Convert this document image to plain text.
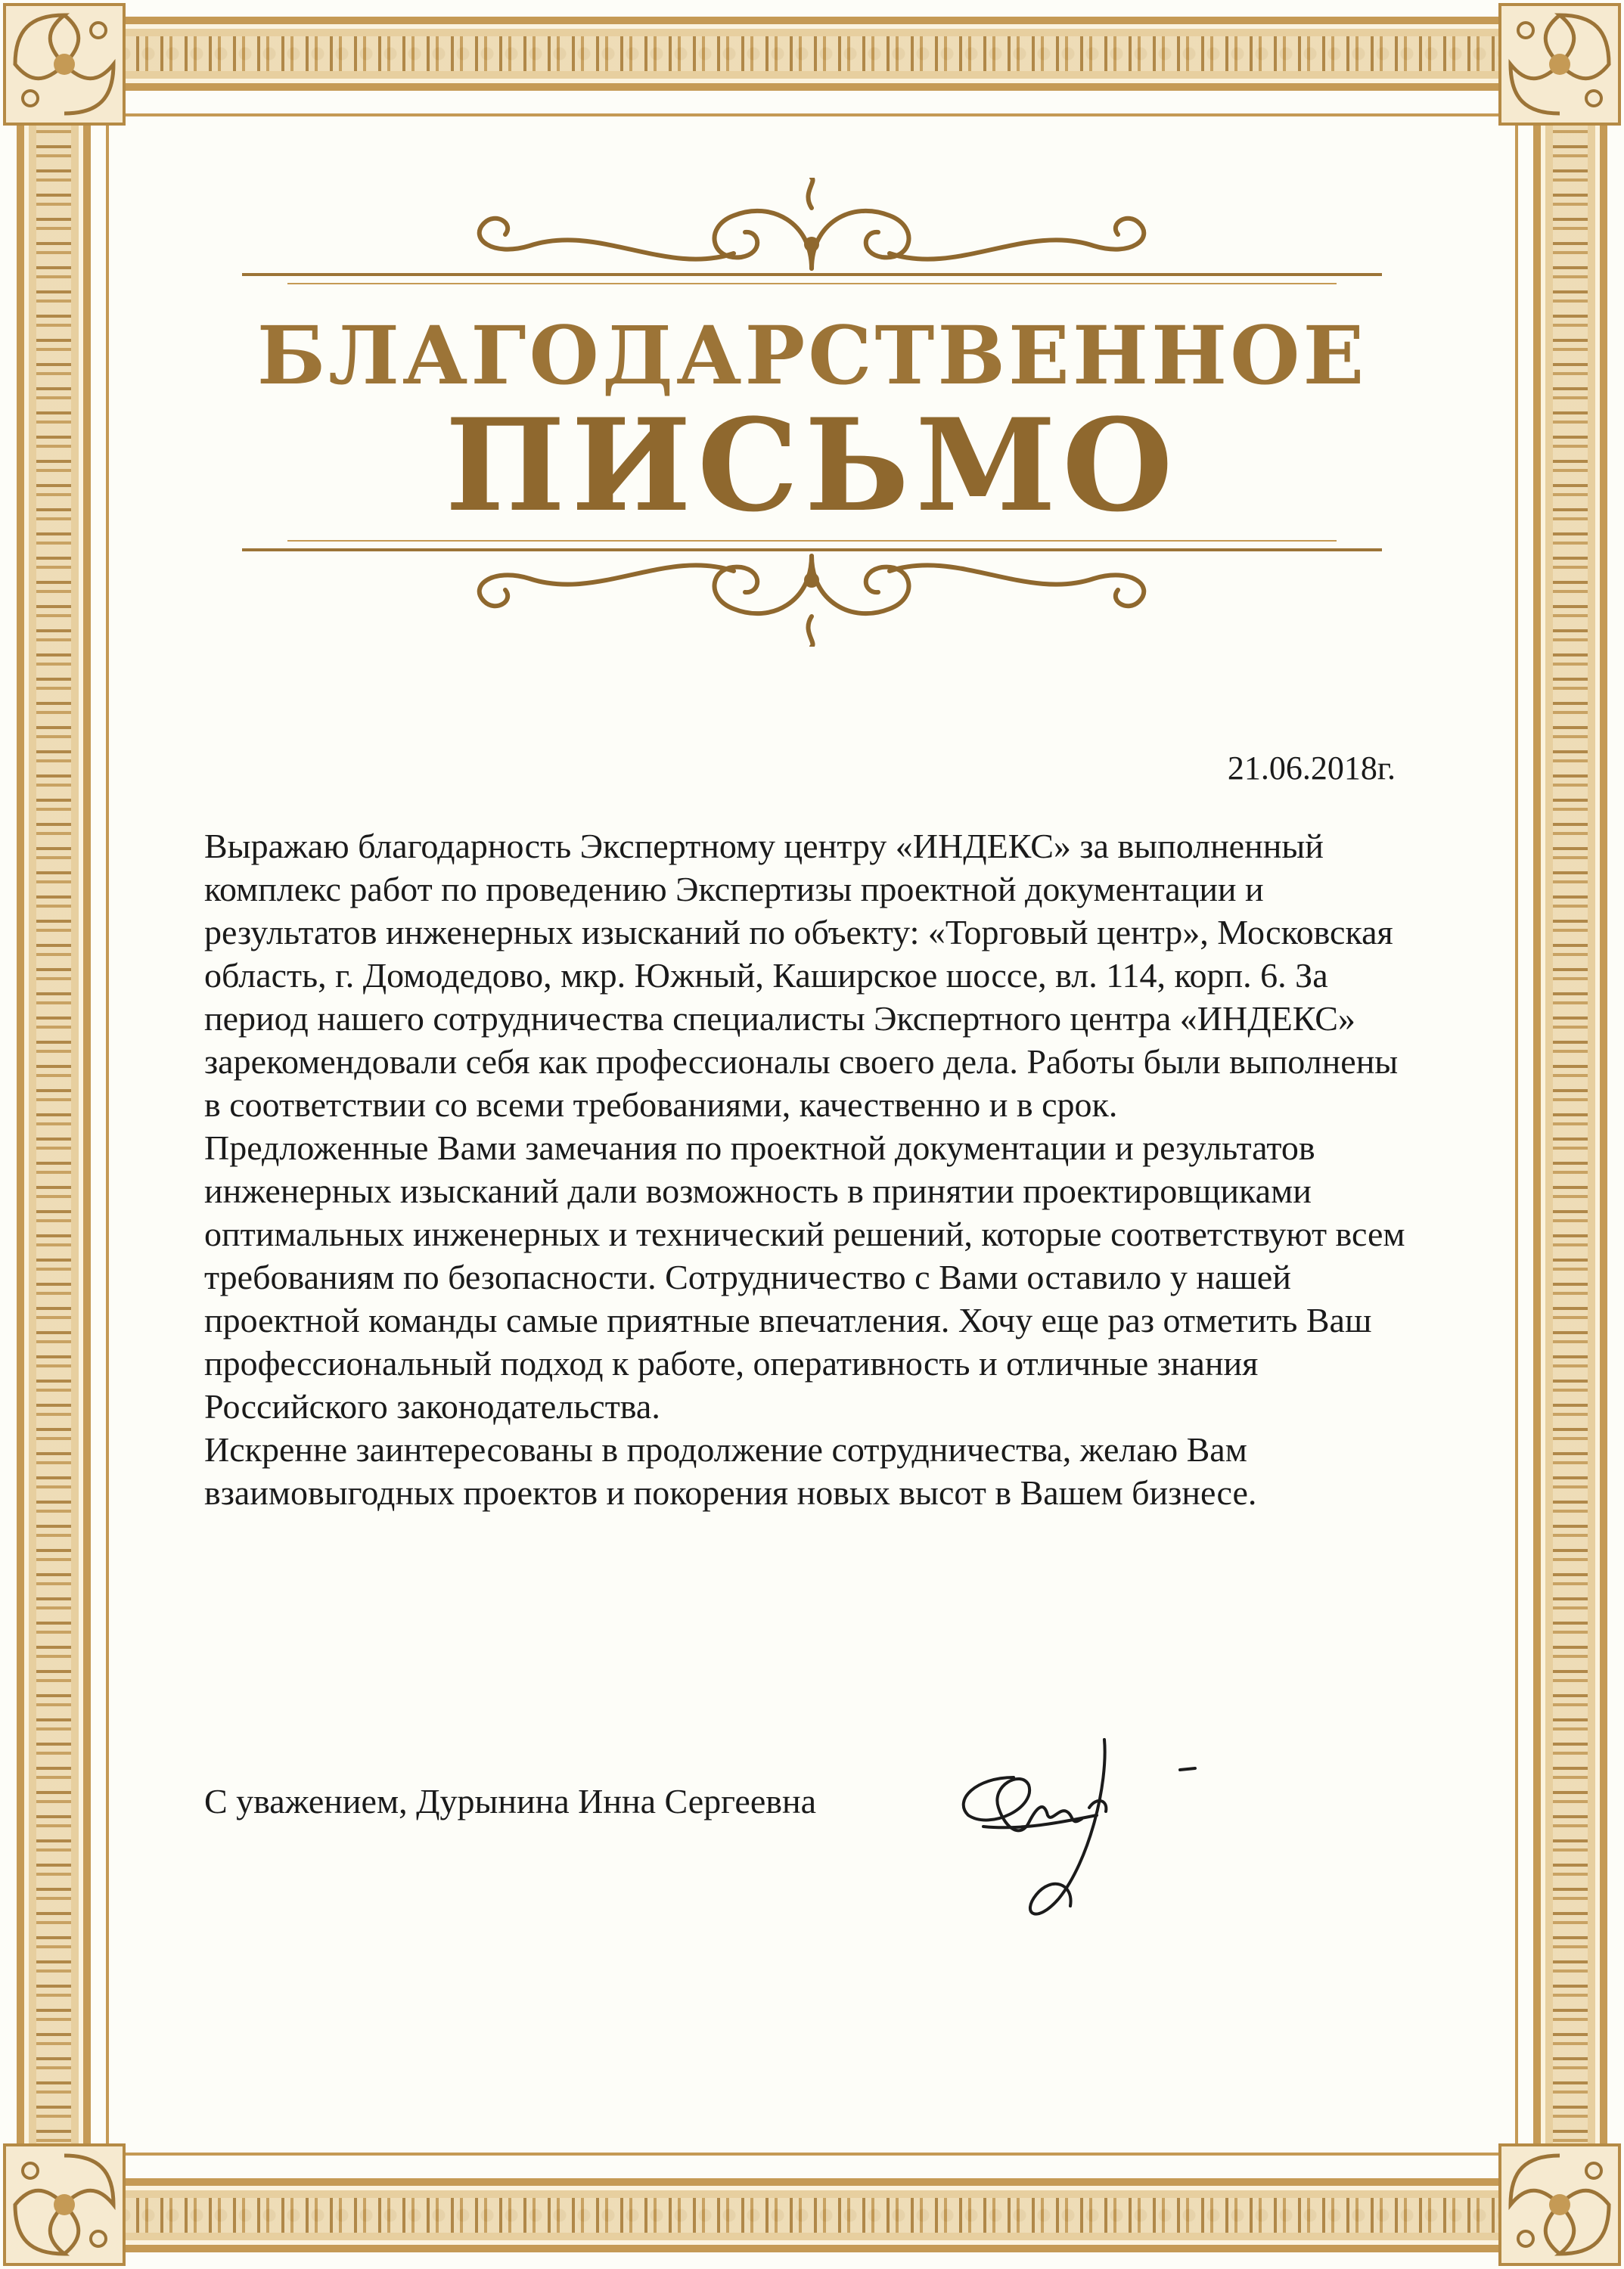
БЛАГОДАРСТВЕННОЕ
ПИСЬМО
21.06.2018г.

Выражаю благодарность Экспертному центру «ИНДЕКС» за выполненный комплекс работ по проведению Экспертизы проектной документации и результатов инженерных изысканий по объекту: «Торговый центр», Московская область, г. Домодедово, мкр. Южный, Каширское шоссе, вл. 114, корп. 6. За период нашего сотрудничества специалисты Экспертного центра «ИНДЕКС» зарекомендовали себя как профессионалы своего дела. Работы были выполнены в соответствии со всеми требованиями, качественно и в срок.

Предложенные Вами замечания по проектной документации и результатов инженерных изысканий дали возможность в принятии проектировщиками оптимальных инженерных и технический решений, которые соответствуют всем требованиям по безопасности. Сотрудничество с Вами оставило у нашей проектной команды самые приятные впечатления. Хочу еще раз отметить Ваш профессиональный подход к работе, оперативность и отличные знания Российского законодательства.

Искренне заинтересованы в продолжение сотрудничества, желаю Вам взаимовыгодных проектов и покорения новых высот в Вашем бизнесе.

С уважением, Дурынина Инна Сергеевна
